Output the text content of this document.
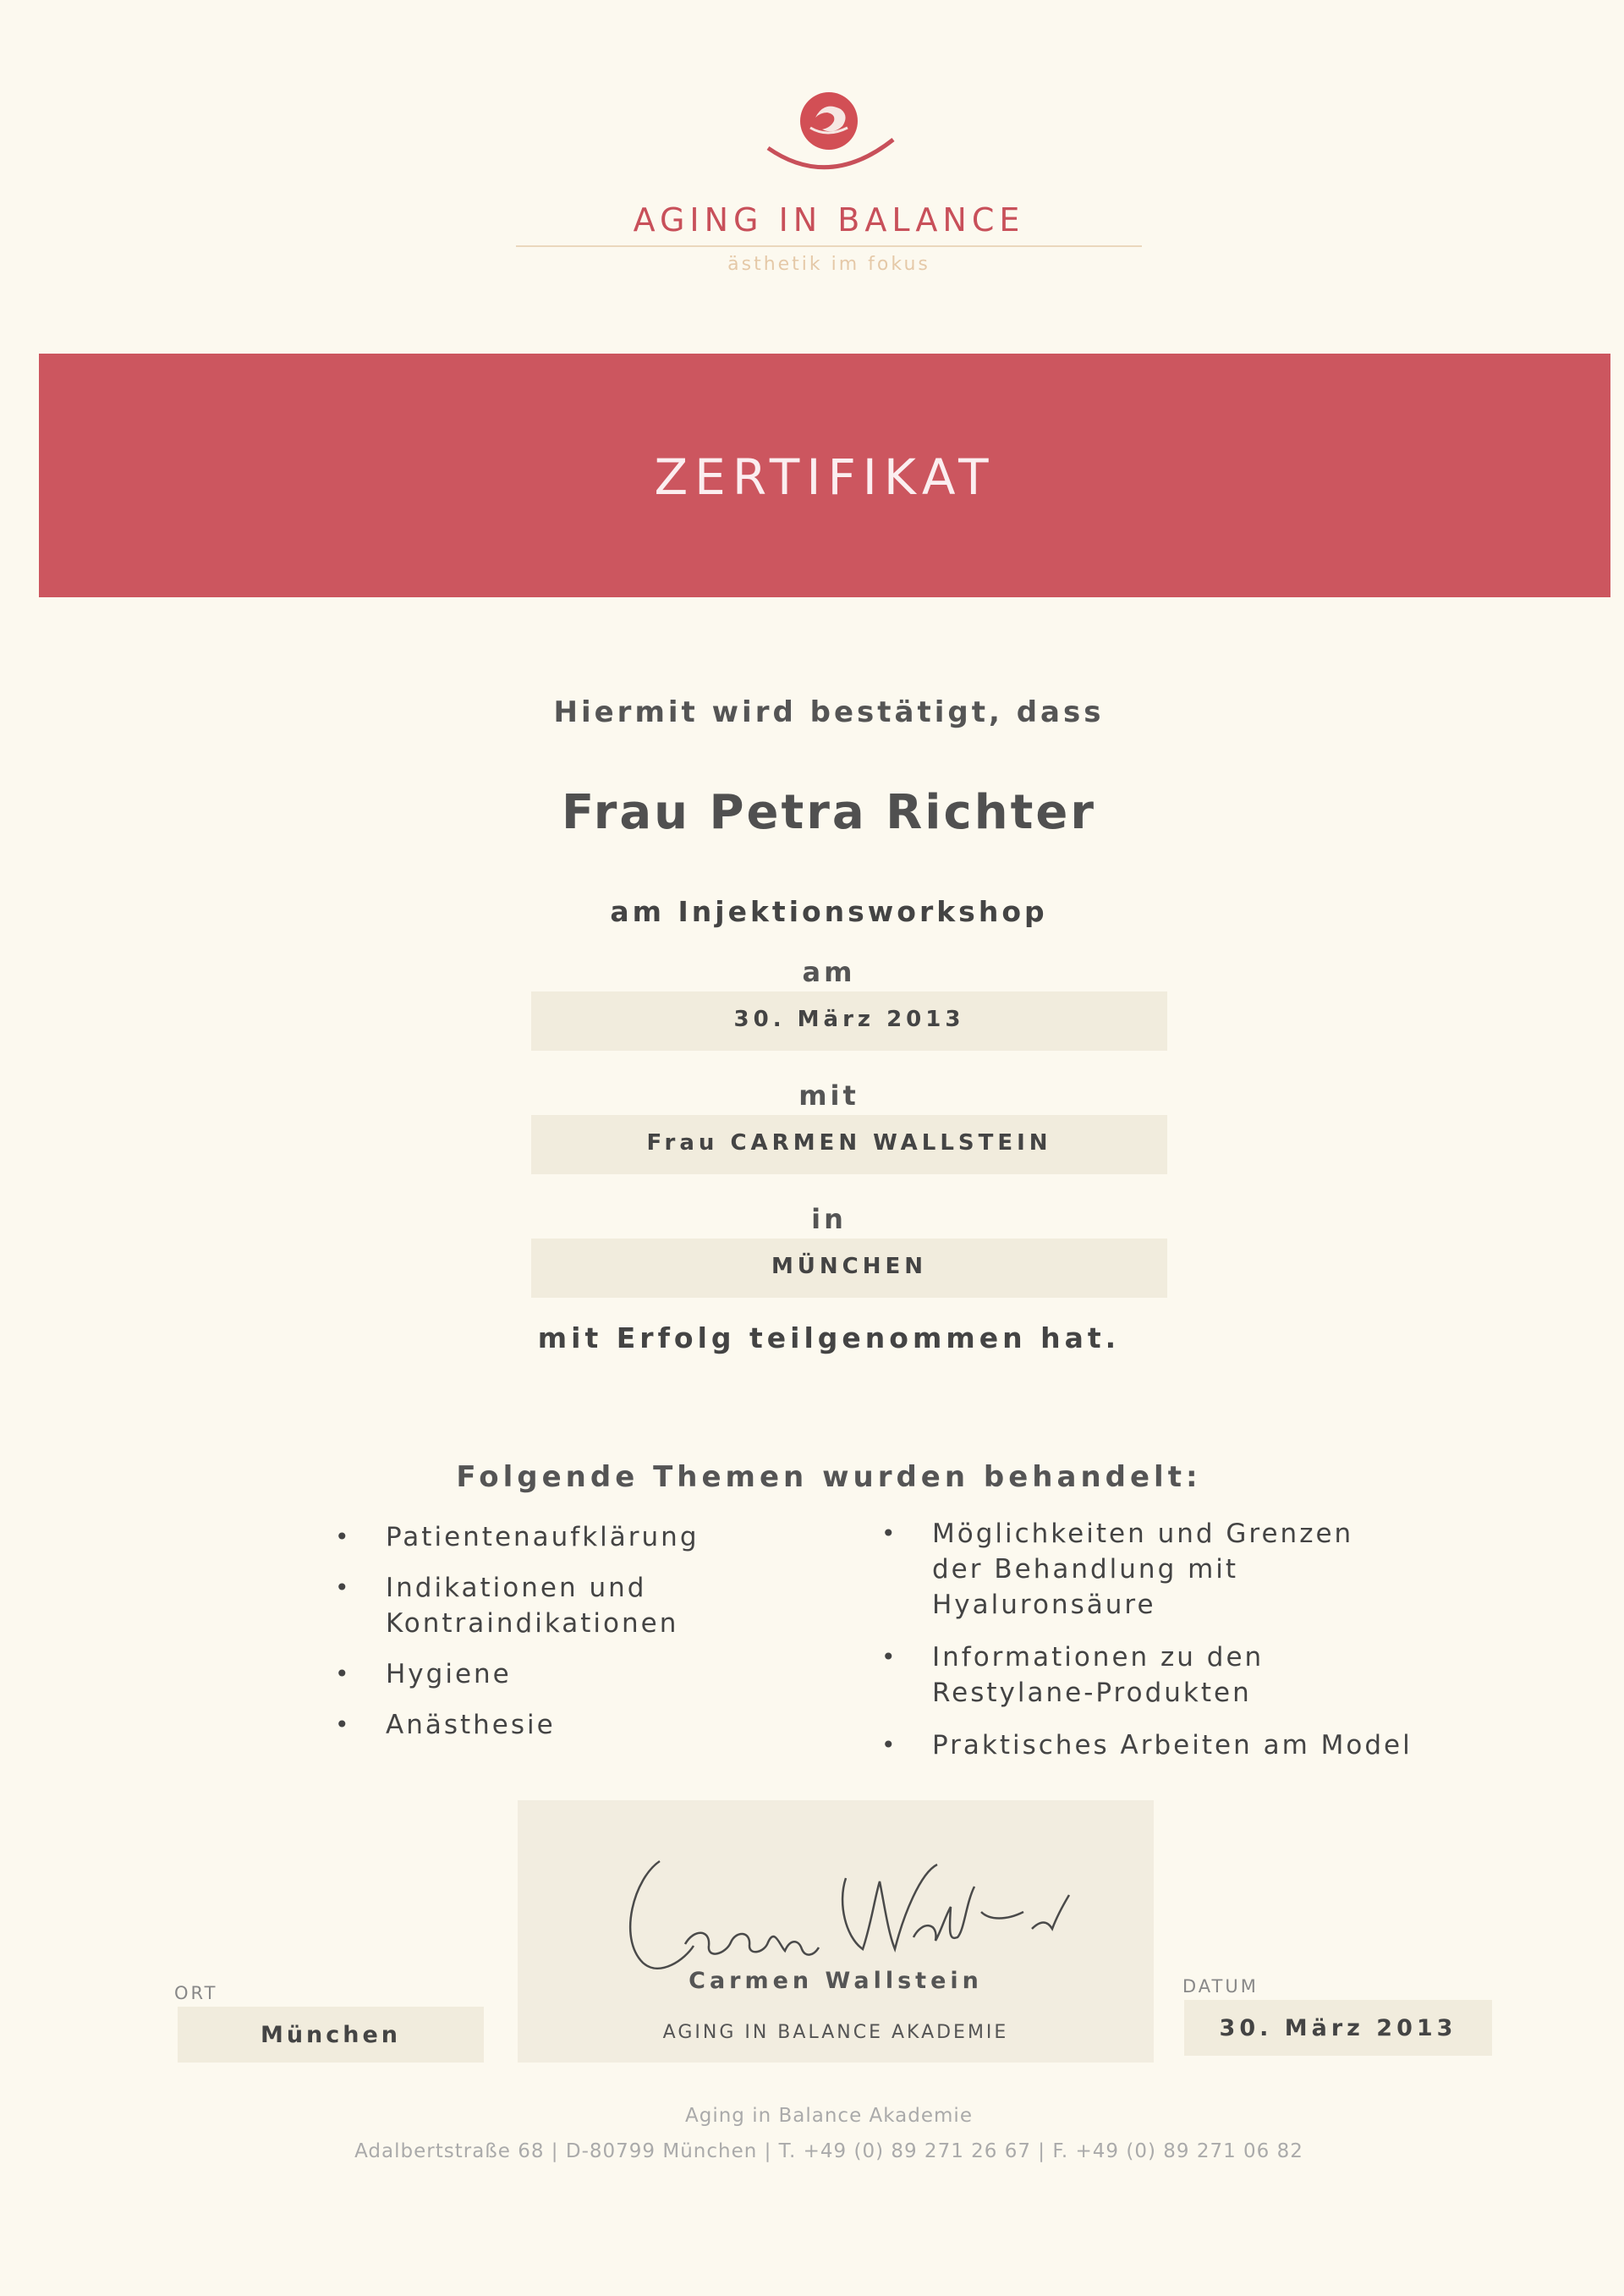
AGING IN BALANCE
ästhetik im fokus
ZERTIFIKAT
Hiermit wird bestätigt, dass
Frau Petra Richter
am Injektionsworkshop
am
30. März 2013
mit
Frau CARMEN WALLSTEIN
in
MÜNCHEN
mit Erfolg teilgenommen hat.
Folgende Themen wurden behandelt:
• Patientenaufklärung
• Indikationen und Kontraindikationen
• Hygiene
• Anästhesie
• Möglichkeiten und Grenzen der Behandlung mit Hyaluronsäure
• Informationen zu den Restylane-Produkten
• Praktisches Arbeiten am Model
Carmen Wallstein
AGING IN BALANCE AKADEMIE
ORT
München
DATUM
30. März 2013
Aging in Balance Akademie
Adalbertstraße 68 | D-80799 München | T. +49 (0) 89 271 26 67 | F. +49 (0) 89 271 06 82
